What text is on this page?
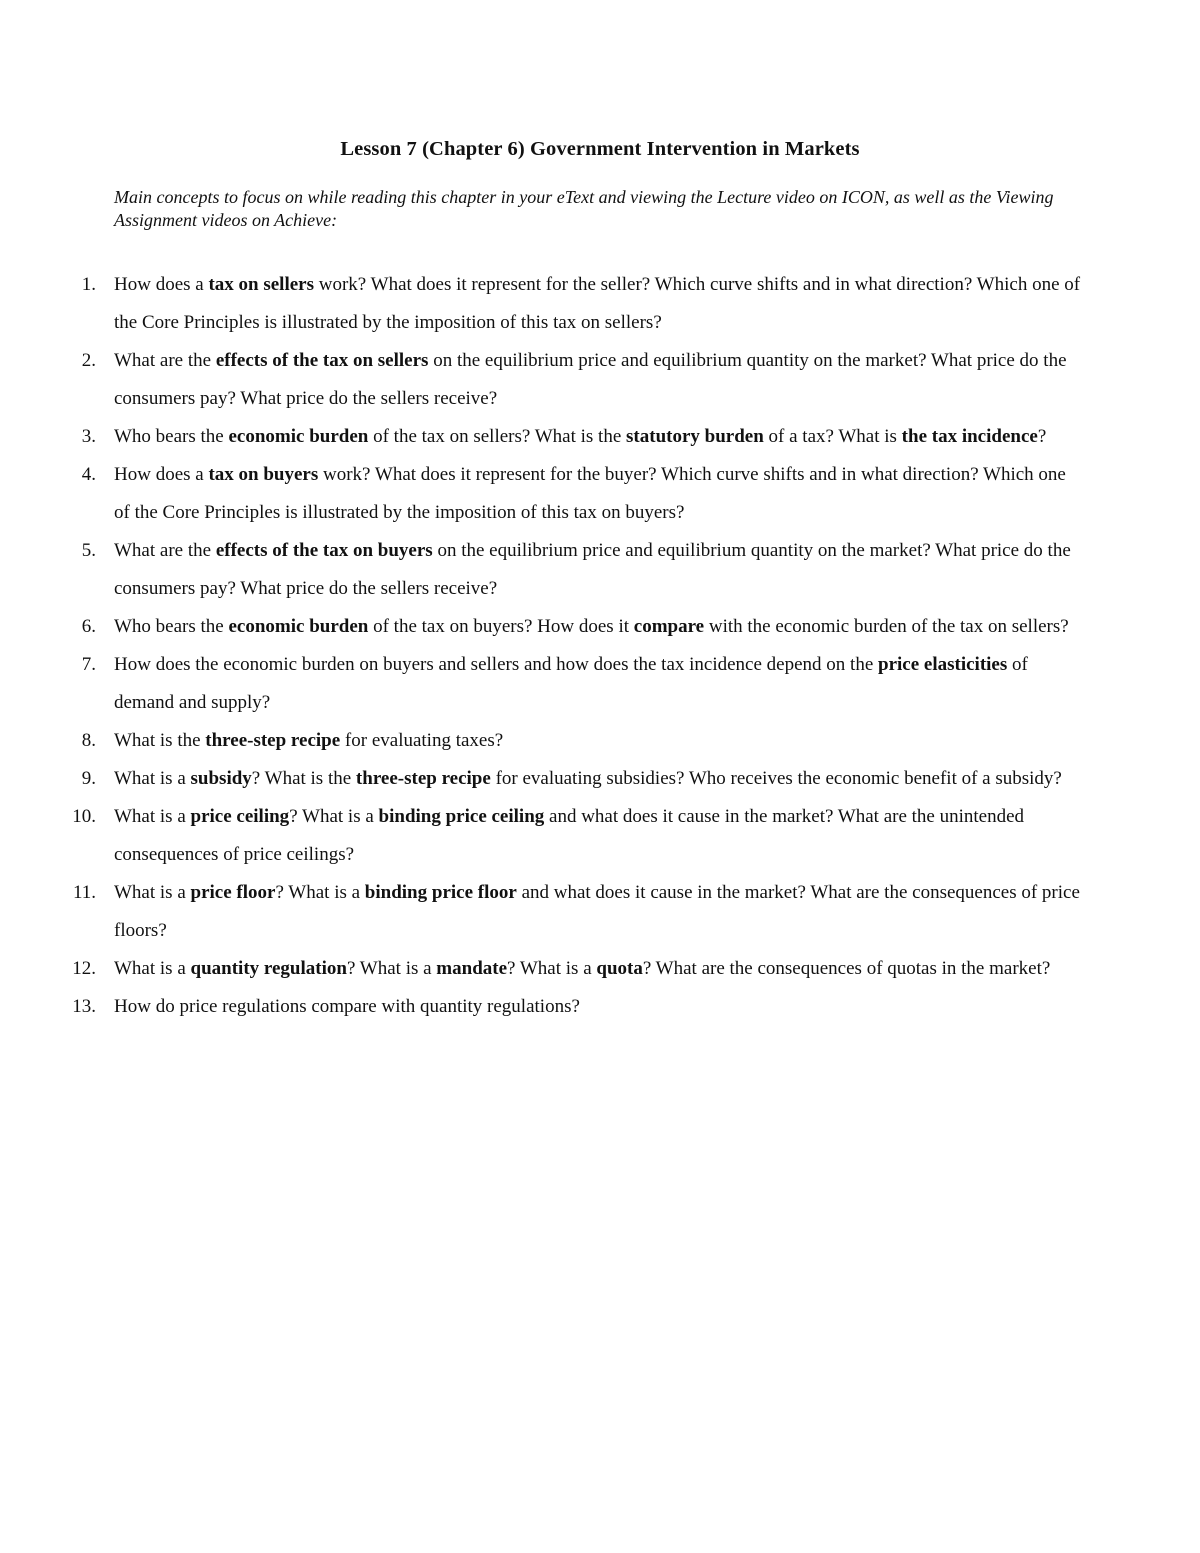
Lesson 7 (Chapter 6) Government Intervention in Markets
Main concepts to focus on while reading this chapter in your eText and viewing the Lecture video on ICON, as well as the Viewing Assignment videos on Achieve:
1. How does a tax on sellers work? What does it represent for the seller? Which curve shifts and in what direction? Which one of the Core Principles is illustrated by the imposition of this tax on sellers?
2. What are the effects of the tax on sellers on the equilibrium price and equilibrium quantity on the market? What price do the consumers pay? What price do the sellers receive?
3. Who bears the economic burden of the tax on sellers? What is the statutory burden of a tax? What is the tax incidence?
4. How does a tax on buyers work? What does it represent for the buyer? Which curve shifts and in what direction? Which one of the Core Principles is illustrated by the imposition of this tax on buyers?
5. What are the effects of the tax on buyers on the equilibrium price and equilibrium quantity on the market? What price do the consumers pay? What price do the sellers receive?
6. Who bears the economic burden of the tax on buyers? How does it compare with the economic burden of the tax on sellers?
7. How does the economic burden on buyers and sellers and how does the tax incidence depend on the price elasticities of demand and supply?
8. What is the three-step recipe for evaluating taxes?
9. What is a subsidy? What is the three-step recipe for evaluating subsidies? Who receives the economic benefit of a subsidy?
10. What is a price ceiling? What is a binding price ceiling and what does it cause in the market? What are the unintended consequences of price ceilings?
11. What is a price floor? What is a binding price floor and what does it cause in the market? What are the consequences of price floors?
12. What is a quantity regulation? What is a mandate? What is a quota? What are the consequences of quotas in the market?
13. How do price regulations compare with quantity regulations?
